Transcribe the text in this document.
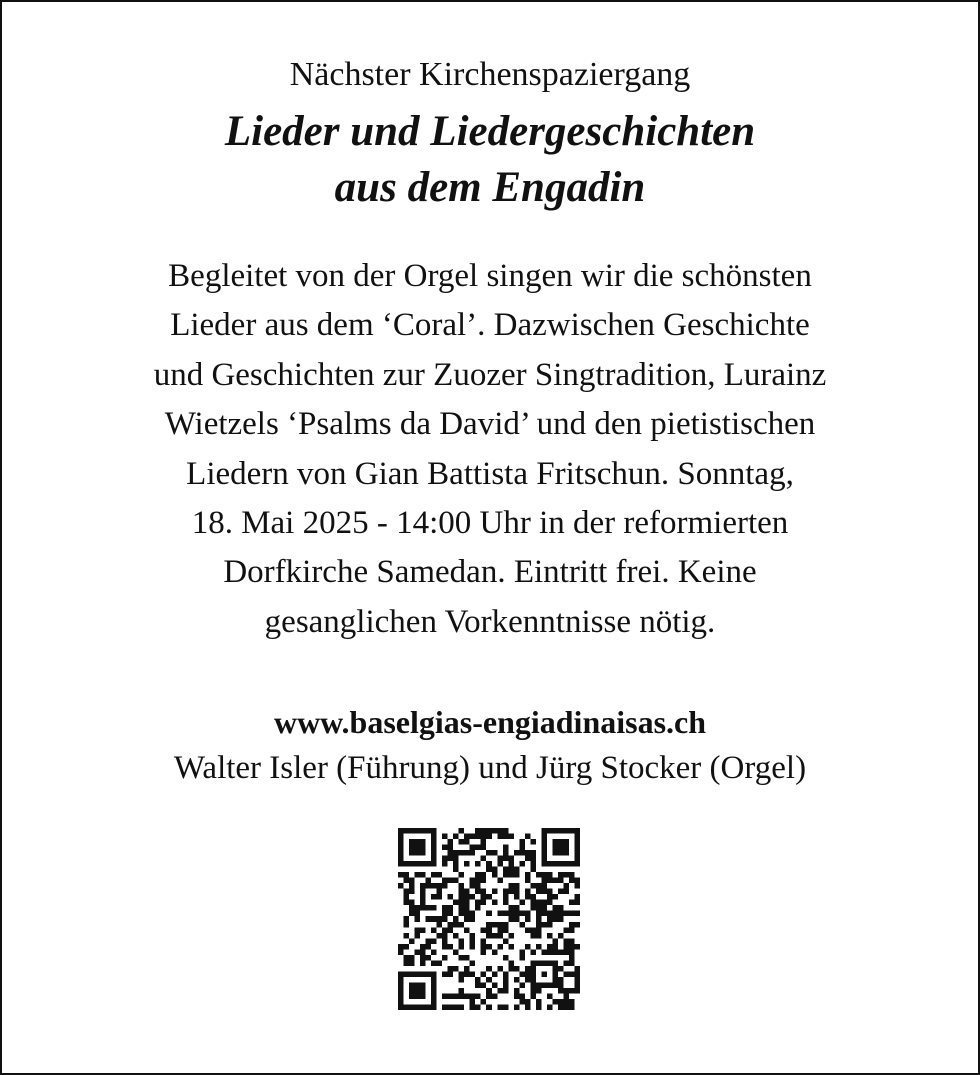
Nächster Kirchenspaziergang

Lieder und Liedergeschichten
aus dem Engadin
Begleitet von der Orgel singen wir die schönsten
Lieder aus dem ‘Coral’. Dazwischen Geschichte
und Geschichten zur Zuozer Singtradition, Lurainz
Wietzels ‘Psalms da David’ und den pietistischen
Liedern von Gian Battista Fritschun. Sonntag,
18. Mai 2025 - 14:00 Uhr in der reformierten
Dorfkirche Samedan. Eintritt frei. Keine
gesanglichen Vorkenntnisse nötig.

www.baselgias-engiadinaisas.ch

Walter Isler (Führung) und Jürg Stocker (Orgel)
